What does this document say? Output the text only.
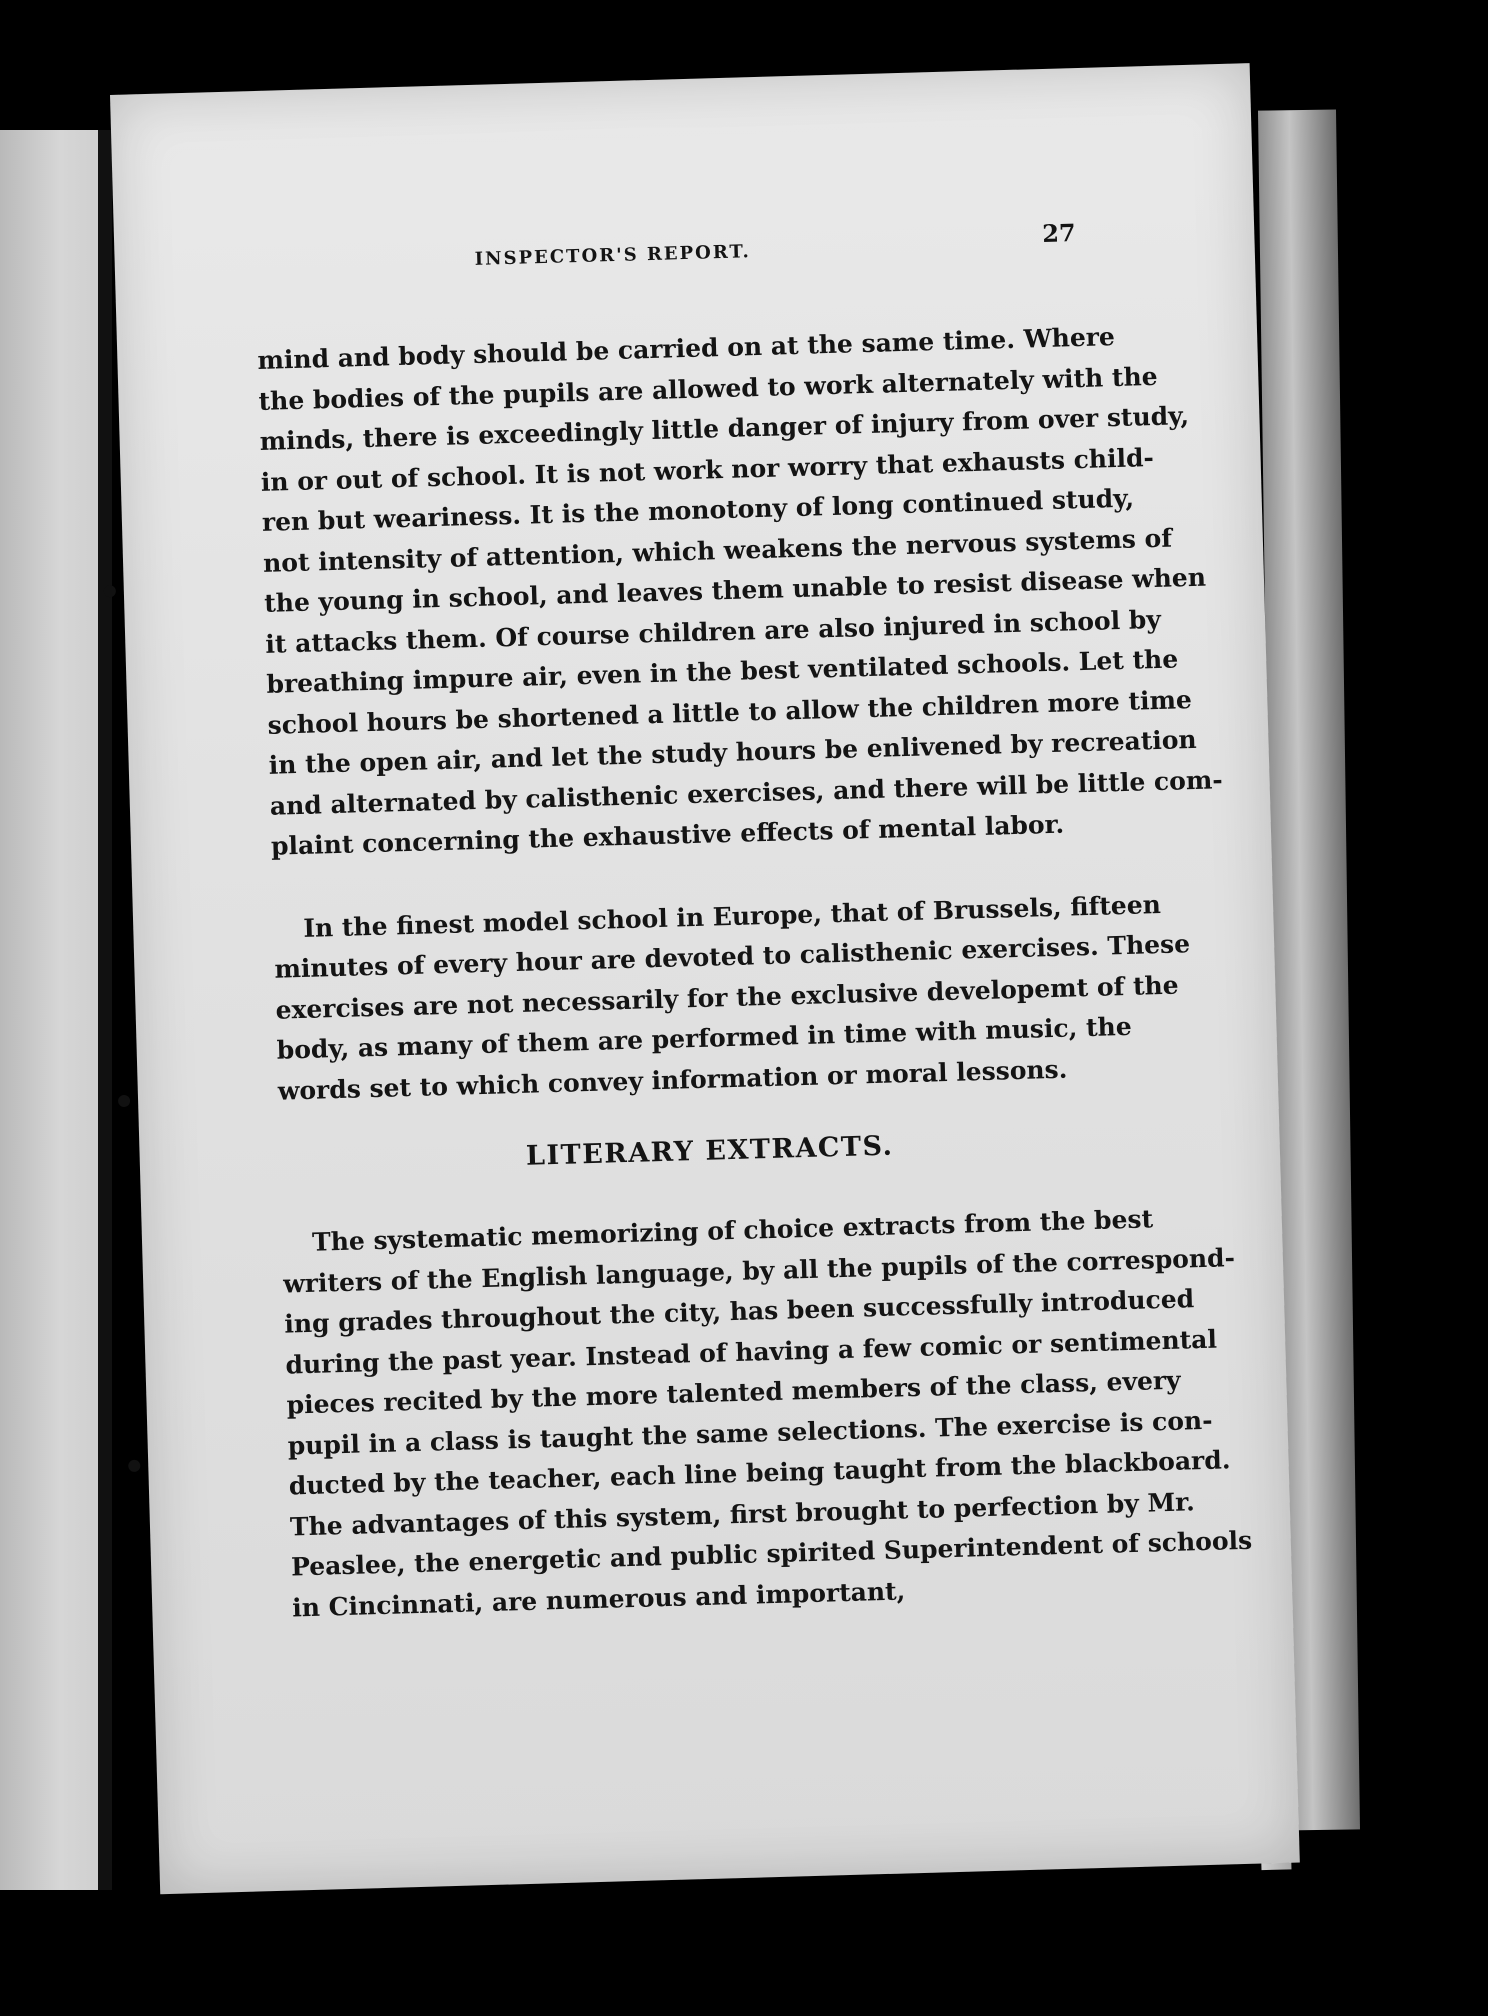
INSPECTOR'S REPORT.
27
mind and body should be carried on at the same time. Where
the bodies of the pupils are allowed to work alternately with the
minds, there is exceedingly little danger of injury from over study,
in or out of school. It is not work nor worry that exhausts child-
ren but weariness. It is the monotony of long continued study,
not intensity of attention, which weakens the nervous systems of
the young in school, and leaves them unable to resist disease when
it attacks them. Of course children are also injured in school by
breathing impure air, even in the best ventilated schools. Let the
school hours be shortened a little to allow the children more time
in the open air, and let the study hours be enlivened by recreation
and alternated by calisthenic exercises, and there will be little com-
plaint concerning the exhaustive effects of mental labor.
In the finest model school in Europe, that of Brussels, fifteen
minutes of every hour are devoted to calisthenic exercises. These
exercises are not necessarily for the exclusive developemt of the
body, as many of them are performed in time with music, the
words set to which convey information or moral lessons.
LITERARY EXTRACTS.
The systematic memorizing of choice extracts from the best
writers of the English language, by all the pupils of the correspond-
ing grades throughout the city, has been successfully introduced
during the past year. Instead of having a few comic or sentimental
pieces recited by the more talented members of the class, every
pupil in a class is taught the same selections. The exercise is con-
ducted by the teacher, each line being taught from the blackboard.
The advantages of this system, first brought to perfection by Mr.
Peaslee, the energetic and public spirited Superintendent of schools
in Cincinnati, are numerous and important,
